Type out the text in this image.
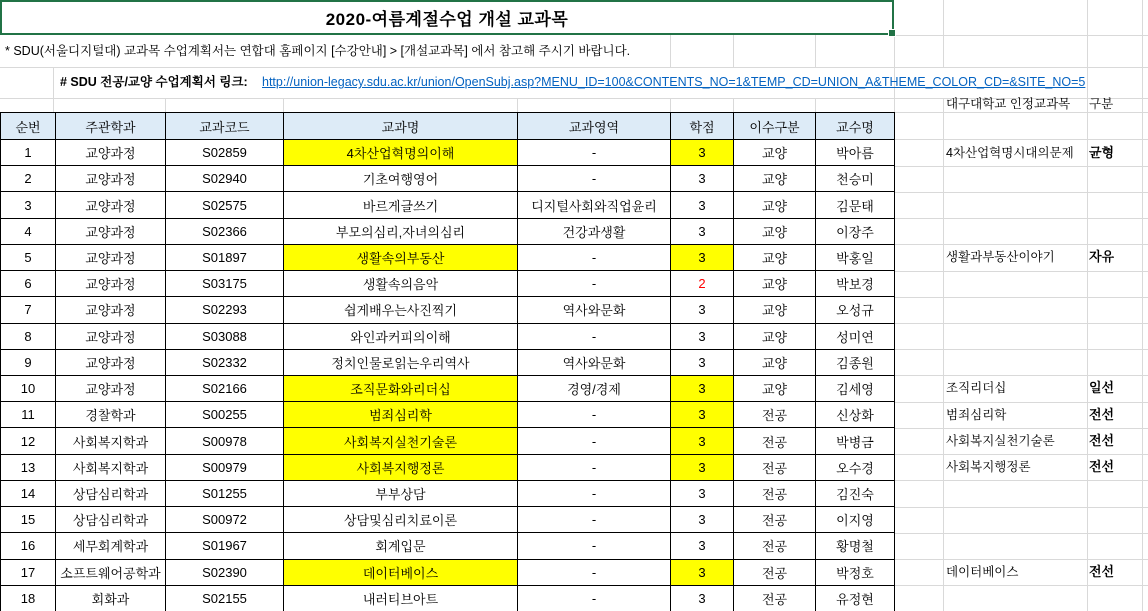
2020-여름계절수업 개설 교과목
* SDU(서울디지털대) 교과목 수업계획서는 연합대 홈페이지 [수강안내] > [개설교과목] 에서 참고해 주시기 바랍니다.
# SDU 전공/교양 수업계획서 링크: http://union-legacy.sdu.ac.kr/union/OpenSubj.asp?MENU_ID=100&CONTENTS_NO=1&TEMP_CD=UNION_A&THEME_COLOR_CD=&SITE_NO=5
대구대학교 인정교과목	구분
순번	주관학과	교과코드	교과명	교과영역	학점	이수구분	교수명
1	교양과정	S02859	4차산업혁명의이해	-	3	교양	박아름
2	교양과정	S02940	기초여행영어	-	3	교양	천승미
3	교양과정	S02575	바르게글쓰기	디지털사회와직업윤리	3	교양	김문태
4	교양과정	S02366	부모의심리,자녀의심리	건강과생활	3	교양	이장주
5	교양과정	S01897	생활속의부동산	-	3	교양	박홍일
6	교양과정	S03175	생활속의음악	-	2	교양	박보경
7	교양과정	S02293	쉽게배우는사진찍기	역사와문화	3	교양	오성규
8	교양과정	S03088	와인과커피의이해	-	3	교양	성미연
9	교양과정	S02332	정치인물로읽는우리역사	역사와문화	3	교양	김종원
10	교양과정	S02166	조직문화와리더십	경영/경제	3	교양	김세영
11	경찰학과	S00255	범죄심리학	-	3	전공	신상화
12	사회복지학과	S00978	사회복지실천기술론	-	3	전공	박병금
13	사회복지학과	S00979	사회복지행정론	-	3	전공	오수경
14	상담심리학과	S01255	부부상담	-	3	전공	김진숙
15	상담심리학과	S00972	상담및심리치료이론	-	3	전공	이지영
16	세무회계학과	S01967	회계입문	-	3	전공	황명철
17	소프트웨어공학과	S02390	데이터베이스	-	3	전공	박정호
18	회화과	S02155	내러티브아트	-	3	전공	유정현
4차산업혁명시대의문제	균형
생활과부동산이야기	자유
조직리더십	일선
범죄심리학	전선
사회복지실천기술론	전선
사회복지행정론	전선
데이터베이스	전선
